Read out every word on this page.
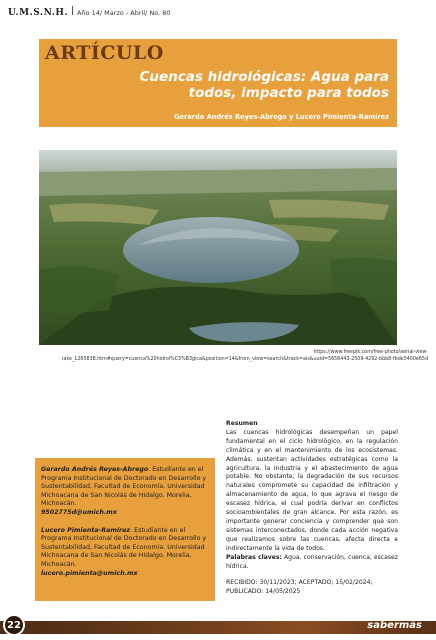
U.M.S.N.H. Año 14/ Marzo - Abril/ No. 80
ARTÍCULO
Cuencas hidrológicas: Agua para todos, impacto para todos
Gerardo Andrés Reyes-Abrego y Lucero Pimienta-Ramírez
https://www.freepik.com/free-photo/aerial-view-lake_1265838.htm#query=cuenca%20hidrol%C3%B3gica&position=14&from_view=search&track=ais&uuid=5656443-2509-4292-bbb8-fbde5400e65d

Gerardo Andrés Reyes-Abrego. Estudiante en el Programa Institucional de Doctorado en Desarrollo y Sustentabilidad, Facultad de Economía. Universidad Michoacana de San Nicolás de Hidalgo. Morelia, Michoacán.

9502775d@umich.mx

Lucero Pimienta-Ramírez. Estudiante en el Programa Institucional de Doctorado en Desarrollo y Sustentabilidad, Facultad de Economía. Universidad Michoacana de San Nicolás de Hidalgo. Morelia, Michoacán.

lucero.pimienta@umich.mx

Resumen

Las cuencas hidrológicas desempeñan un papel fundamental en el ciclo hidrológico, en la regulación climática y en el mantenimiento de los ecosistemas. Además, sustentan actividades estratégicas como la agricultura, la industria y el abastecimiento de agua potable. No obstante, la degradación de sus recursos naturales compromete su capacidad de infiltración y almacenamiento de agua, lo que agrava el riesgo de escasez hídrica, el cual podría derivar en conflictos socioambientales de gran alcance. Por esta razón, es importante generar conciencia y comprender que son sistemas interconectados, donde cada acción negativa que realizamos sobre las cuencas, afecta directa e indirectamente la vida de todos.

Palabras claves: Agua, conservación, cuenca, escasez hídrica.

RECIBIDO: 30/11/2023; ACEPTADO; 15/02/2024;

PUBLICADO: 14/05/2025

22	sabermás
